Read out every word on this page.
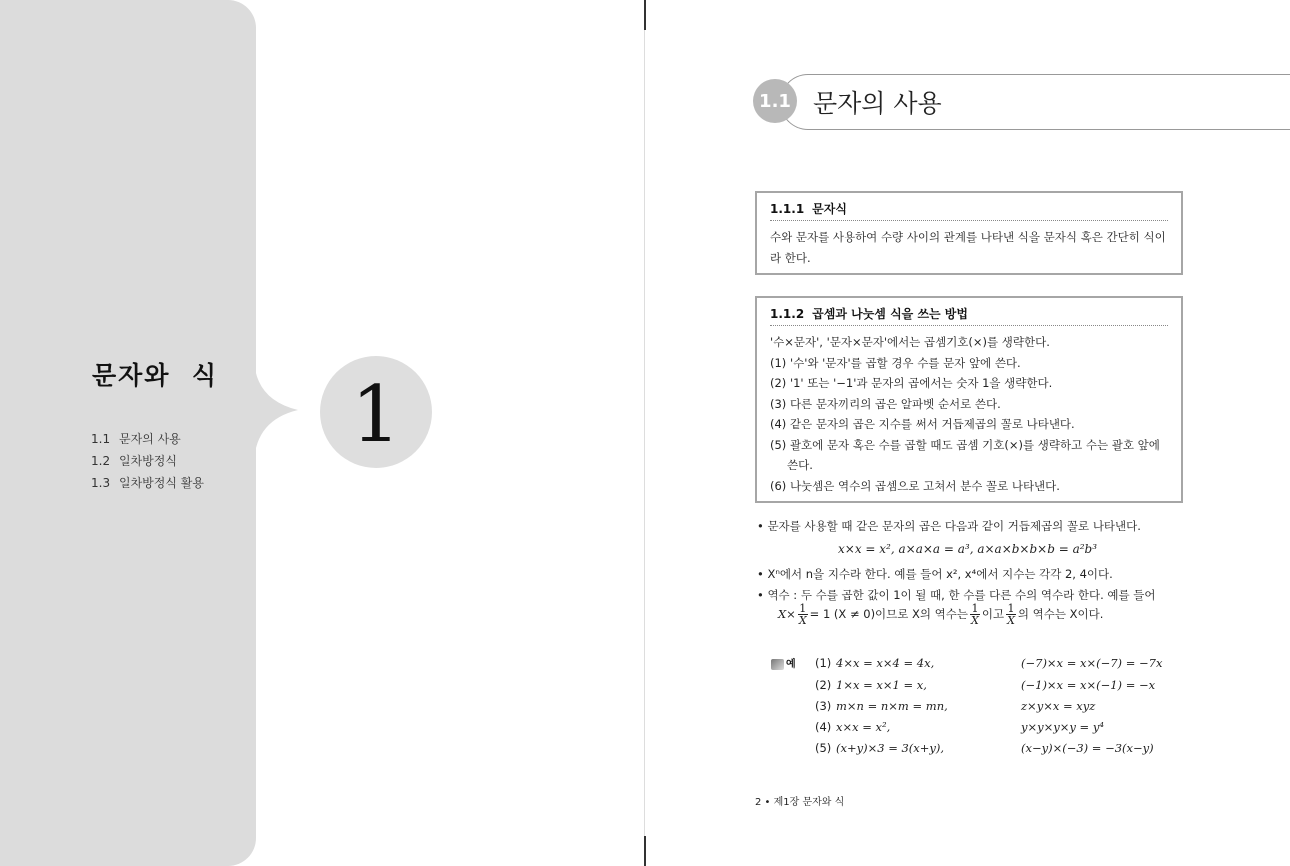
문자와  식
1.1 문자의 사용
1.2 일차방정식
1.3 일차방정식 활용
1
1.1 문자의 사용
1.1.1 문자식
수와 문자를 사용하여 수량 사이의 관계를 나타낸 식을 문자식 혹은 간단히 식이
라 한다.
1.1.2 곱셈과 나눗셈 식을 쓰는 방법
'수×문자', '문자×문자'에서는 곱셈기호(×)를 생략한다.
(1) '수'와 '문자'를 곱할 경우 수를 문자 앞에 쓴다.
(2) '1' 또는 '−1'과 문자의 곱에서는 숫자 1을 생략한다.
(3) 다른 문자끼리의 곱은 알파벳 순서로 쓴다.
(4) 같은 문자의 곱은 지수를 써서 거듭제곱의 꼴로 나타낸다.
(5) 괄호에 문자 혹은 수를 곱할 때도 곱셈 기호(×)를 생략하고 수는 괄호 앞에 쓴다.
(6) 나눗셈은 역수의 곱셈으로 고쳐서 분수 꼴로 나타낸다.
• 문자를 사용할 때 같은 문자의 곱은 다음과 같이 거듭제곱의 꼴로 나타낸다.
x×x = x², a×a×a = a³, a×a×b×b×b = a²b³
• Xⁿ에서 n을 지수라 한다. 예를 들어 x², x⁴에서 지수는 각각 2, 4이다.
• 역수 : 두 수를 곱한 값이 1이 될 때, 한 수를 다른 수의 역수라 한다. 예를 들어
$X\times \frac{1}{X} = 1$ (X ≠ 0)이므로 X의 역수는 $\frac{1}{X}$ 이고 $\frac{1}{X}$ 의 역수는 X이다.
예 (1) 4×x = x×4 = 4x,	(−7)×x = x×(−7) = −7x
(2) 1×x = x×1 = x,	(−1)×x = x×(−1) = −x
(3) m×n = n×m = mn,	z×y×x = xyz
(4) x×x = x²,	y×y×y×y = y⁴
(5) (x+y)×3 = 3(x+y),	(x−y)×(−3) = −3(x−y)
2 • 제1장 문자와 식
